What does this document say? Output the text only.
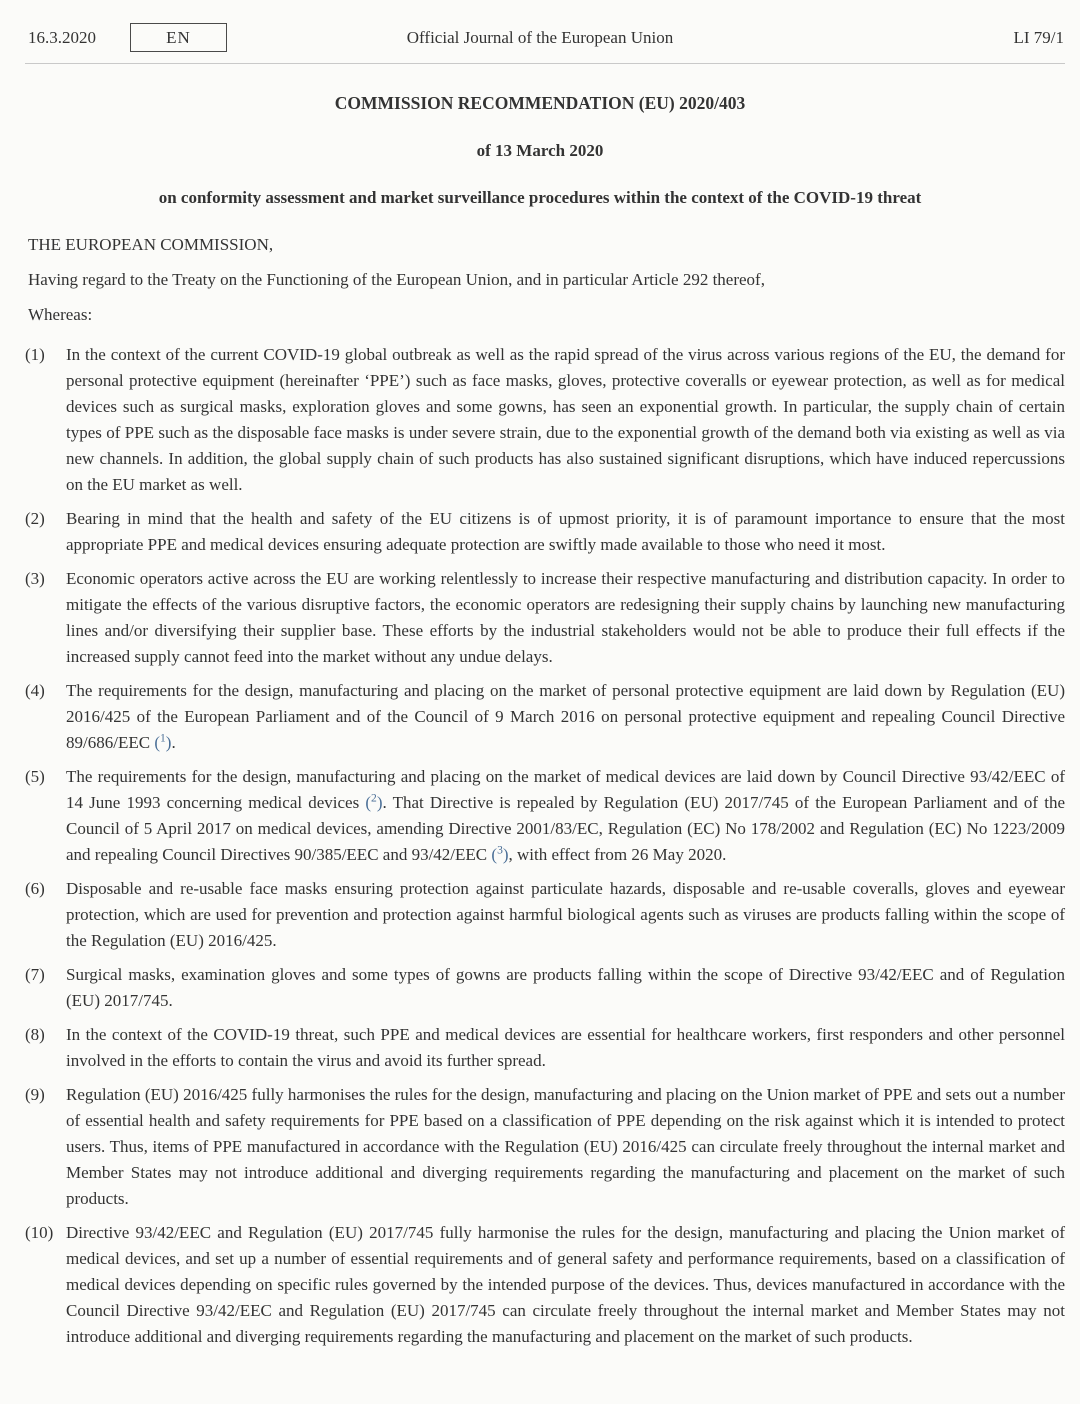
16.3.2020	Official Journal of the European Union
EN	LI 79/1
COMMISSION RECOMMENDATION (EU) 2020/403
of 13 March 2020
on conformity assessment and market surveillance procedures within the context of the COVID-19 threat

THE EUROPEAN COMMISSION,

Having regard to the Treaty on the Functioning of the European Union, and in particular Article 292 thereof,

Whereas:

(1)	In the context of the current COVID-19 global outbreak as well as the rapid spread of the virus across various regions of the EU, the demand for personal protective equipment (hereinafter ‘PPE’) such as face masks, gloves, protective coveralls or eyewear protection, as well as for medical devices such as surgical masks, exploration gloves and some gowns, has seen an exponential growth. In particular, the supply chain of certain types of PPE such as the disposable face masks is under severe strain, due to the exponential growth of the demand both via existing as well as via new channels. In addition, the global supply chain of such products has also sustained significant disruptions, which have induced repercussions on the EU market as well.
(2)	Bearing in mind that the health and safety of the EU citizens is of upmost priority, it is of paramount importance to ensure that the most appropriate PPE and medical devices ensuring adequate protection are swiftly made available to those who need it most.
(3)	Economic operators active across the EU are working relentlessly to increase their respective manufacturing and distribution capacity. In order to mitigate the effects of the various disruptive factors, the economic operators are redesigning their supply chains by launching new manufacturing lines and/or diversifying their supplier base. These efforts by the industrial stakeholders would not be able to produce their full effects if the increased supply cannot feed into the market without any undue delays.
(4)	The requirements for the design, manufacturing and placing on the market of personal protective equipment are laid down by Regulation (EU) 2016/425 of the European Parliament and of the Council of 9 March 2016 on personal protective equipment and repealing Council Directive 89/686/EEC ($^1$).
(5)	The requirements for the design, manufacturing and placing on the market of medical devices are laid down by Council Directive 93/42/EEC of 14 June 1993 concerning medical devices ($^2$). That Directive is repealed by Regulation (EU) 2017/745 of the European Parliament and of the Council of 5 April 2017 on medical devices, amending Directive 2001/83/EC, Regulation (EC) No 178/2002 and Regulation (EC) No 1223/2009 and repealing Council Directives 90/385/EEC and 93/42/EEC ($^3$), with effect from 26 May 2020.
(6)	Disposable and re-usable face masks ensuring protection against particulate hazards, disposable and re-usable coveralls, gloves and eyewear protection, which are used for prevention and protection against harmful biological agents such as viruses are products falling within the scope of the Regulation (EU) 2016/425.
(7)	Surgical masks, examination gloves and some types of gowns are products falling within the scope of Directive 93/42/EEC and of Regulation (EU) 2017/745.
(8)	In the context of the COVID-19 threat, such PPE and medical devices are essential for healthcare workers, first responders and other personnel involved in the efforts to contain the virus and avoid its further spread.
(9)	Regulation (EU) 2016/425 fully harmonises the rules for the design, manufacturing and placing on the Union market of PPE and sets out a number of essential health and safety requirements for PPE based on a classification of PPE depending on the risk against which it is intended to protect users. Thus, items of PPE manufactured in accordance with the Regulation (EU) 2016/425 can circulate freely throughout the internal market and Member States may not introduce additional and diverging requirements regarding the manufacturing and placement on the market of such products.
(10) Directive 93/42/EEC and Regulation (EU) 2017/745 fully harmonise the rules for the design, manufacturing and placing the Union market of medical devices, and set up a number of essential requirements and of general safety and performance requirements, based on a classification of medical devices depending on specific rules governed by the intended purpose of the devices. Thus, devices manufactured in accordance with the Council Directive 93/42/EEC and Regulation (EU) 2017/745 can circulate freely throughout the internal market and Member States may not introduce additional and diverging requirements regarding the manufacturing and placement on the market of such products.
